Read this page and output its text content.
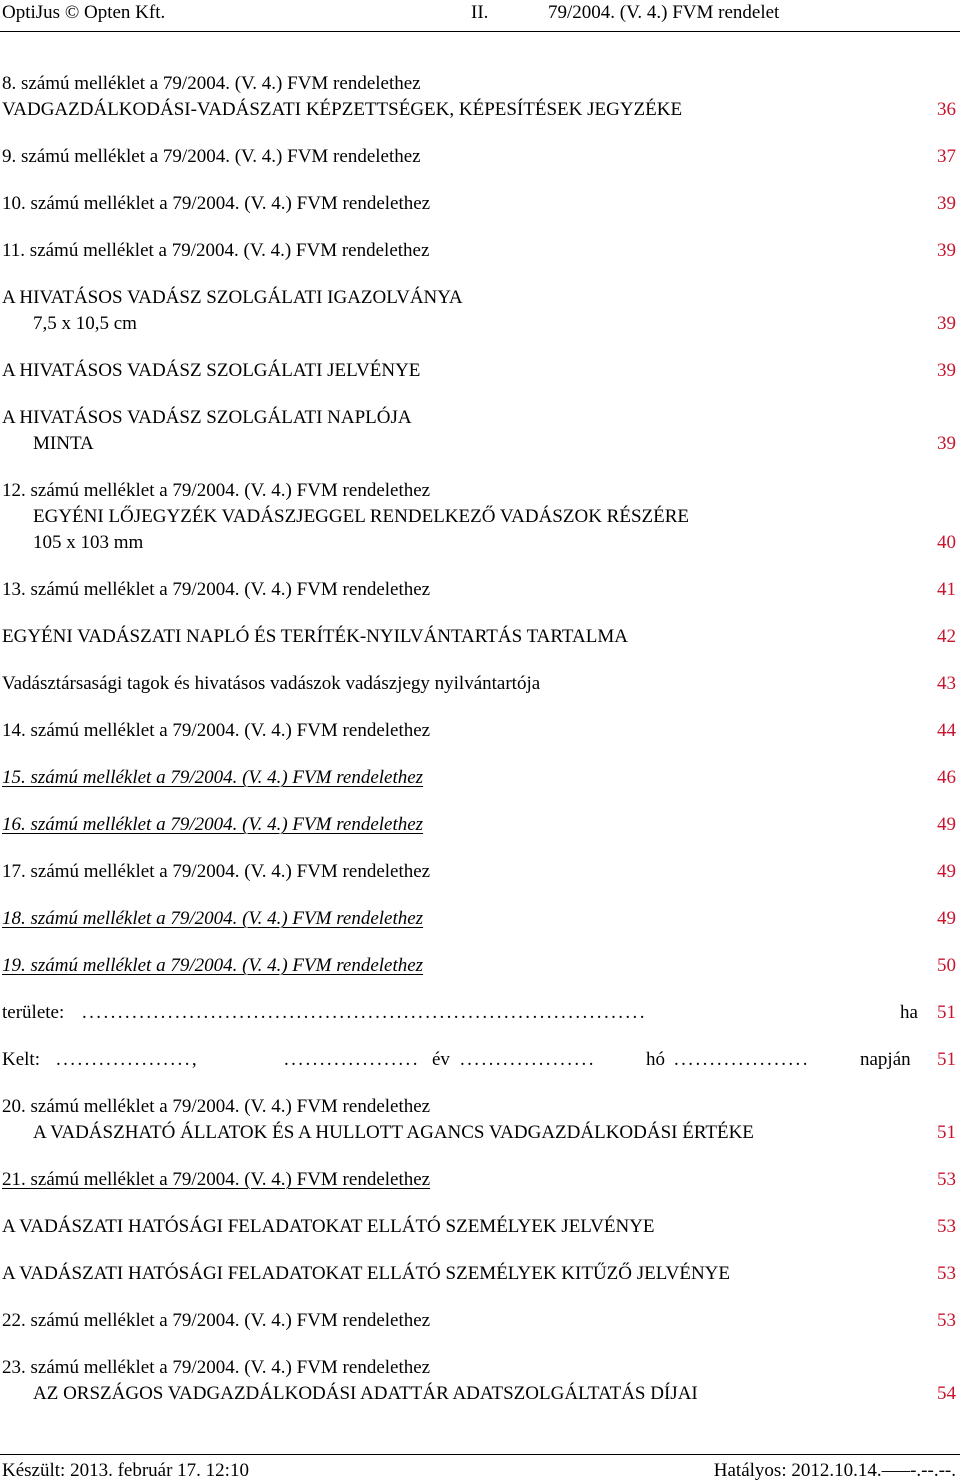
OptiJus © Opten Kft.	II.	79/2004. (V. 4.) FVM rendelet
8. számú melléklet a 79/2004. (V. 4.) FVM rendelethez
VADGAZDÁLKODÁSI-VADÁSZATI KÉPZETTSÉGEK, KÉPESÍTÉSEK JEGYZÉKE	36
9. számú melléklet a 79/2004. (V. 4.) FVM rendelethez	37
10. számú melléklet a 79/2004. (V. 4.) FVM rendelethez	39
11. számú melléklet a 79/2004. (V. 4.) FVM rendelethez	39
A HIVATÁSOS VADÁSZ SZOLGÁLATI IGAZOLVÁNYA
7,5 x 10,5 cm	39
A HIVATÁSOS VADÁSZ SZOLGÁLATI JELVÉNYE	39
A HIVATÁSOS VADÁSZ SZOLGÁLATI NAPLÓJA
MINTA	39
12. számú melléklet a 79/2004. (V. 4.) FVM rendelethez
EGYÉNI LŐJEGYZÉK VADÁSZJEGGEL RENDELKEZŐ VADÁSZOK RÉSZÉRE
105 x 103 mm	40
13. számú melléklet a 79/2004. (V. 4.) FVM rendelethez	41
EGYÉNI VADÁSZATI NAPLÓ ÉS TERÍTÉK-NYILVÁNTARTÁS TARTALMA	42
Vadásztársasági tagok és hivatásos vadászok vadászjegy nyilvántartója	43
14. számú melléklet a 79/2004. (V. 4.) FVM rendelethez	44
15. számú melléklet a 79/2004. (V. 4.) FVM rendelethez	46
16. számú melléklet a 79/2004. (V. 4.) FVM rendelethez	49
17. számú melléklet a 79/2004. (V. 4.) FVM rendelethez	49
18. számú melléklet a 79/2004. (V. 4.) FVM rendelethez	49
19. számú melléklet a 79/2004. (V. 4.) FVM rendelethez	50
területe: ...............................................................................	ha 51
Kelt: ...................,	................... év ...................	hó ...................	napján 51
20. számú melléklet a 79/2004. (V. 4.) FVM rendelethez
A VADÁSZHATÓ ÁLLATOK ÉS A HULLOTT AGANCS VADGAZDÁLKODÁSI ÉRTÉKE	51
21. számú melléklet a 79/2004. (V. 4.) FVM rendelethez	53
A VADÁSZATI HATÓSÁGI FELADATOKAT ELLÁTÓ SZEMÉLYEK JELVÉNYE	53
A VADÁSZATI HATÓSÁGI FELADATOKAT ELLÁTÓ SZEMÉLYEK KITŰZŐ JELVÉNYE	53
22. számú melléklet a 79/2004. (V. 4.) FVM rendelethez	53
23. számú melléklet a 79/2004. (V. 4.) FVM rendelethez
AZ ORSZÁGOS VADGAZDÁLKODÁSI ADATTÁR ADATSZOLGÁLTATÁS DÍJAI	54
Készült: 2013. február 17. 12:10	Hatályos: 2012.10.14.–––-.--.--.
